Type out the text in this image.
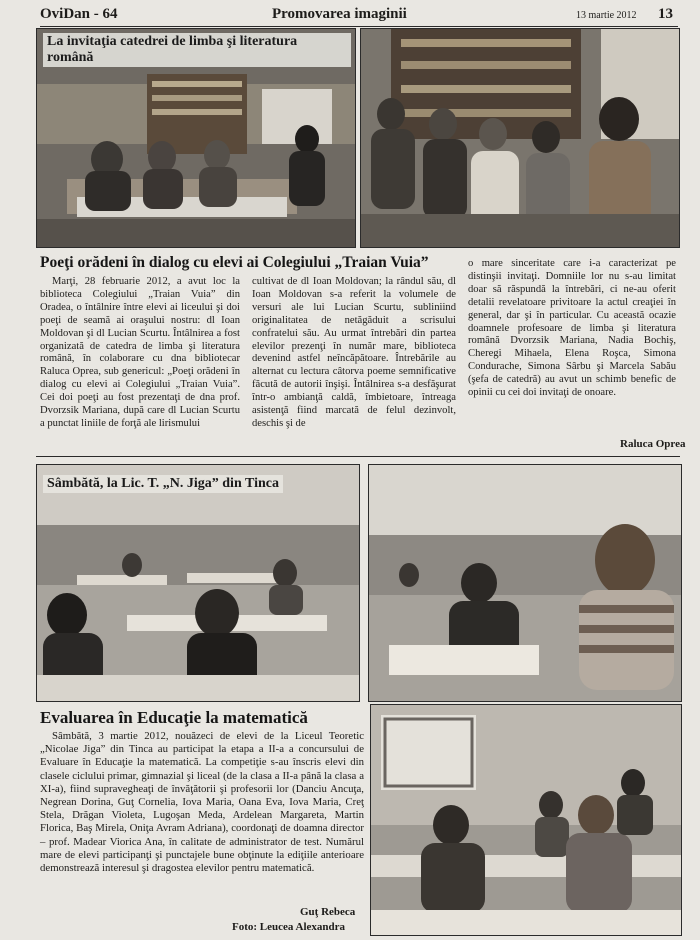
OviDan - 64	Promovarea imaginii	13 martie 2012 13
La invitaţia catedrei de limba şi literatura română
Poeţi orădeni în dialog cu elevi ai Colegiului „Traian Vuia”

Marţi, 28 februarie 2012, a avut loc la biblioteca Colegiului „Traian Vuia” din Oradea, o întâlnire între elevi ai liceului şi doi poeţi de seamă ai oraşului nostru: dl Ioan Moldovan şi dl Lucian Scurtu. Întâlnirea a fost organizată de catedra de limba şi literatura română, în colaborare cu dna bibliotecar Raluca Oprea, sub genericul: „Poeţi orădeni în dialog cu elevi ai Colegiului „Traian Vuia”. Cei doi poeţi au fost prezentaţi de dna prof. Dvorzsik Mariana, după care dl Lucian Scurtu a punctat liniile de forţă ale lirismului

cultivat de dl Ioan Moldovan; la rândul său, dl Ioan Moldovan s-a referit la volumele de versuri ale lui Lucian Scurtu, subliniind originalitatea de netăgăduit a scrisului confratelui său. Au urmat întrebări din partea elevilor prezenţi în număr mare, biblioteca devenind astfel neîncăpătoare. Întrebările au alternat cu lectura câtorva poeme semnificative făcută de autorii înşişi. Întâlnirea s-a desfăşurat într-o ambianţă caldă, îmbietoare, întreaga asistenţă fiind marcată de felul dezinvolt, deschis şi de

o mare sinceritate care i-a caracterizat pe distinşii invitaţi. Domniile lor nu s-au limitat doar să răspundă la întrebări, ci ne-au oferit detalii revelatoare privitoare la actul creaţiei în general, dar şi în particular. Cu această ocazie doamnele profesoare de limba şi literatura română Dvorzsik Mariana, Nadia Bochiş, Cheregi Mihaela, Elena Roşca, Simona Condurache, Simona Sârbu şi Marcela Sabău (şefa de catedră) au avut un schimb benefic de opinii cu cei doi invitaţi de onoare.

Raluca Oprea
Sâmbătă, la Lic. T. „N. Jiga” din Tinca
Evaluarea în Educaţie la matematică

Sâmbătă, 3 martie 2012, nouăzeci de elevi de la Liceul Teoretic „Nicolae Jiga” din Tinca au participat la etapa a II-a a concursului de Evaluare în Educaţie la matematică. La competiţie s-au înscris elevi din clasele ciclului primar, gimnazial şi liceal (de la clasa a II-a până la clasa a XI-a), fiind supravegheaţi de învăţătorii şi profesorii lor (Danciu Ancuţa, Negrean Dorina, Guţ Cornelia, Iova Maria, Oana Eva, Iova Maria, Creţ Stela, Drăgan Violeta, Lugoşan Meda, Ardelean Margareta, Martin Florica, Baş Mirela, Oniţa Avram Adriana), coordonaţi de doamna director – prof. Madear Viorica Ana, în calitate de administrator de test. Numărul mare de elevi participanţi şi punctajele bune obţinute la ediţiile anterioare demonstrează interesul şi dragostea elevilor pentru matematică.

Guţ Rebeca
Foto: Leucea Alexandra
